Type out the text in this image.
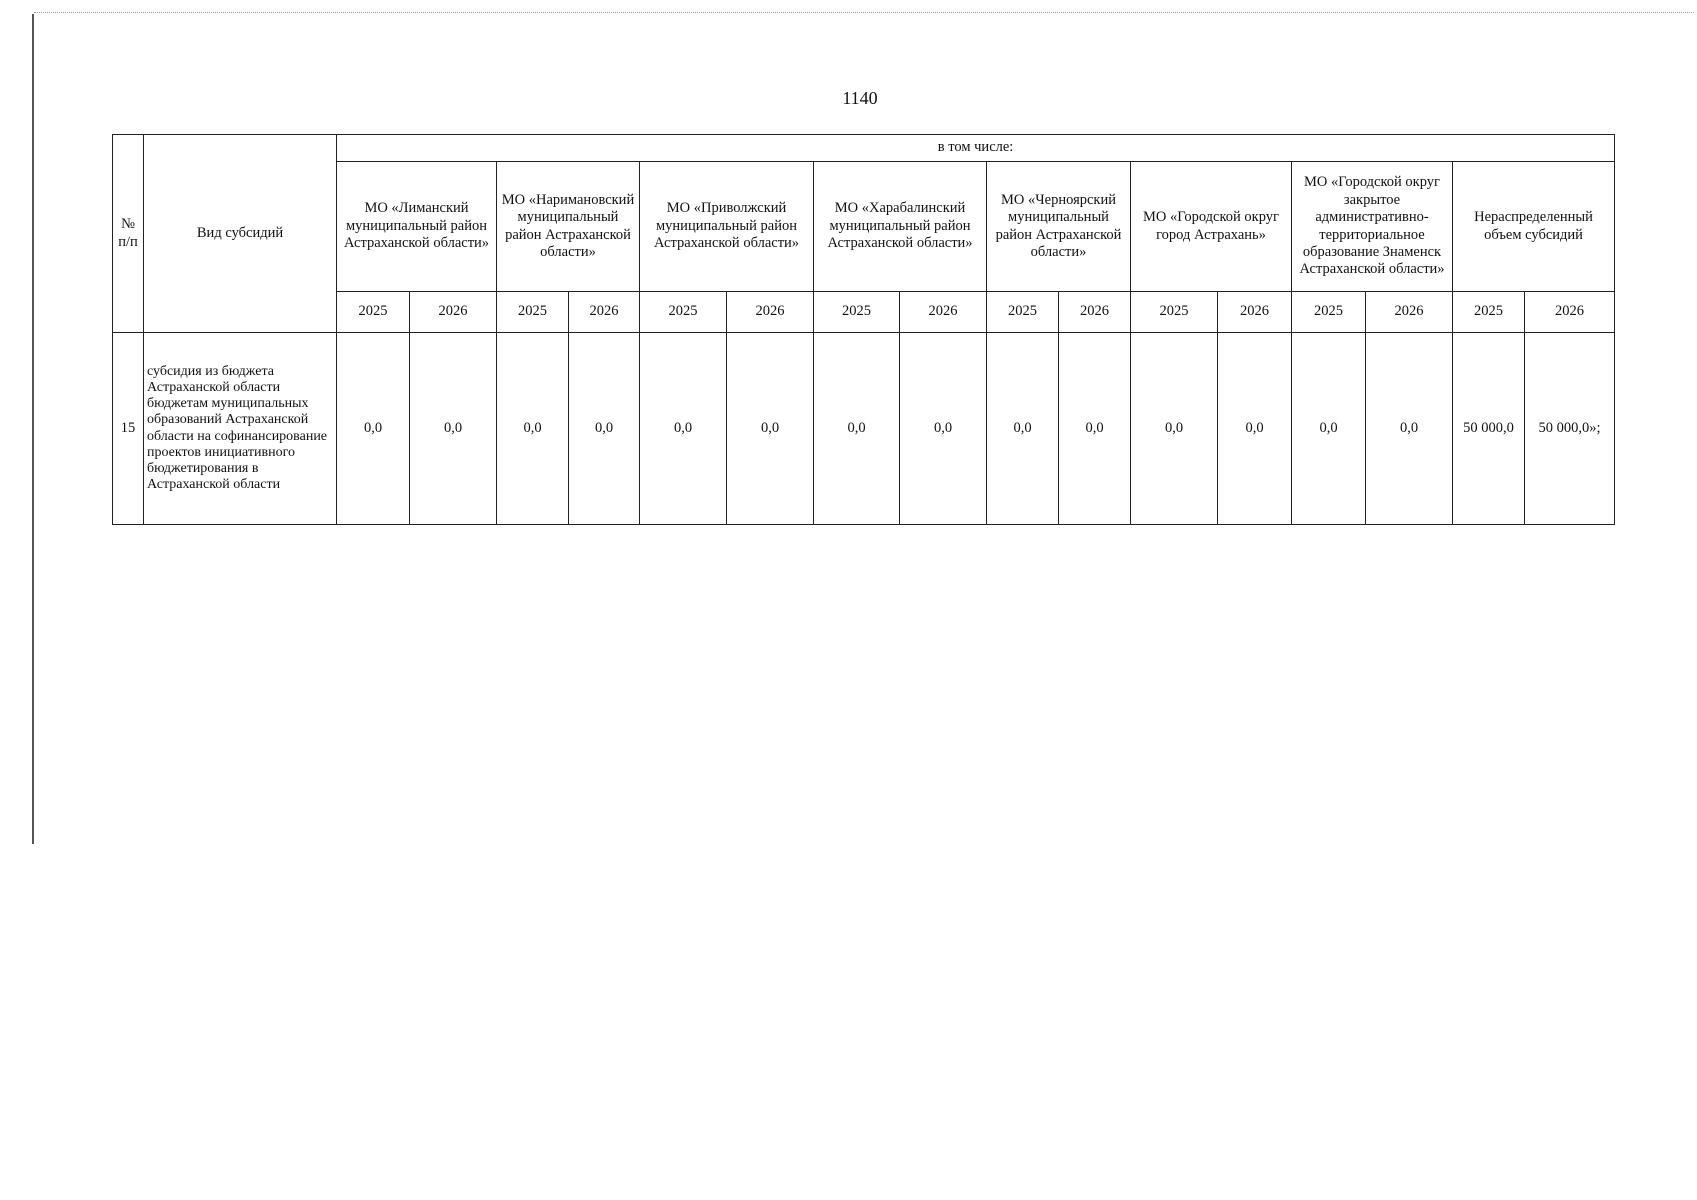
1140
№ п/п	Вид субсидий	в том числе:															
		МО «Лиманский муниципальный район Астраханской области»		МО «Наримановский муниципальный район Астраханской области»		МО «Приволжский муниципальный район Астраханской области»		МО «Харабалинский муниципальный район Астраханской области»		МО «Черноярский муниципальный район Астраханской области»		МО «Городской округ город Астрахань»		МО «Городской округ закрытое административно-территориальное образование Знаменск Астраханской области»		Нераспределенный объем субсидий	
		2025	2026	2025	2026	2025	2026	2025	2026	2025	2026	2025	2026	2025	2026	2025	2026
15	субсидия из бюджета Астраханской области бюджетам муниципальных образований Астраханской области на софинансирование проектов инициативного бюджетирования в Астраханской области	0,0	0,0	0,0	0,0	0,0	0,0	0,0	0,0	0,0	0,0	0,0	0,0	0,0	0,0	50 000,0	50 000,0»;
